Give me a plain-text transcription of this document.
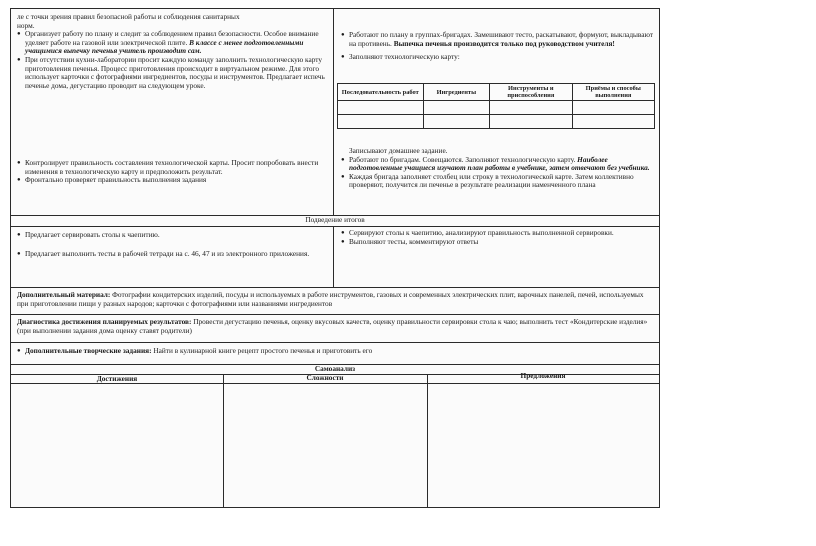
ле с точки зрения правил безопасной работы и соблюдения санитарных
норм.
● Организует работу по плану и следит за соблюдением правил безопасности. Особое внимание уделяет работе на газовой или электрической плите. В классе с менее подготовленными учащимися выпечку печенья учитель производит сам.
● При отсутствии кухни-лаборатории просит каждую команду заполнить технологическую карту приготовления печенья. Процесс приготовления происходит в виртуальном режиме. Для этого использует карточки с фотографиями ингредиентов, посуды и инструментов. Предлагает испечь печенье дома, дегустацию проводит на следующем уроке.
● Работают по плану в группах-бригадах. Замешивают тесто, раскатывают, формуют, выкладывают на противень. Выпечка печенья производится только под руководством учителя!
● Заполняют технологическую карту:
Последовательность работ	Ингредиенты	Инструменты и приспособления	Приёмы и способы выполнения

● Контролирует правильность составления технологической карты. Просит попробовать внести изменения в технологическую карту и предположить результат.
● Фронтально проверяет правильность выполнения задания
Записывают домашнее задание.
● Работают по бригадам. Совещаются. Заполняют технологическую карту. Наиболее подготовленные учащиеся изучают план работы в учебнике, затем отвечают без учебника.
● Каждая бригада заполняет столбец или строку в технологической карте. Затем коллективно проверяют, получится ли печенье в результате реализации наменченного плана
Подведение итогов
● Предлагает сервировать столы к чаепитию.
● Предлагает выполнить тесты в рабочей тетради на с. 46, 47 и из электронного приложения.
● Сервируют столы к чаепитию, анализируют правильность выполненной сервировки.
● Выполняют тесты, комментируют ответы
Дополнительный материал: Фотографии кондитерских изделий, посуды и используемых в работе инструментов, газовых и современных электрических плит, варочных панелей, печей, используемых при приготовлении пищи у разных народов; карточки с фотографиями или названиями ингредиентов
Диагностика достижения планируемых результатов: Провести дегустацию печенья, оценку вкусовых качеств, оценку правильности сервировки стола к чаю; выполнить тест «Кондитерские изделия» (при выполнении задания дома оценку ставят родители)
● Дополнительные творческие задания: Найти в кулинарной книге рецепт простого печенья и приготовить его
Самоанализ
Достижения	Сложности	Предложения
